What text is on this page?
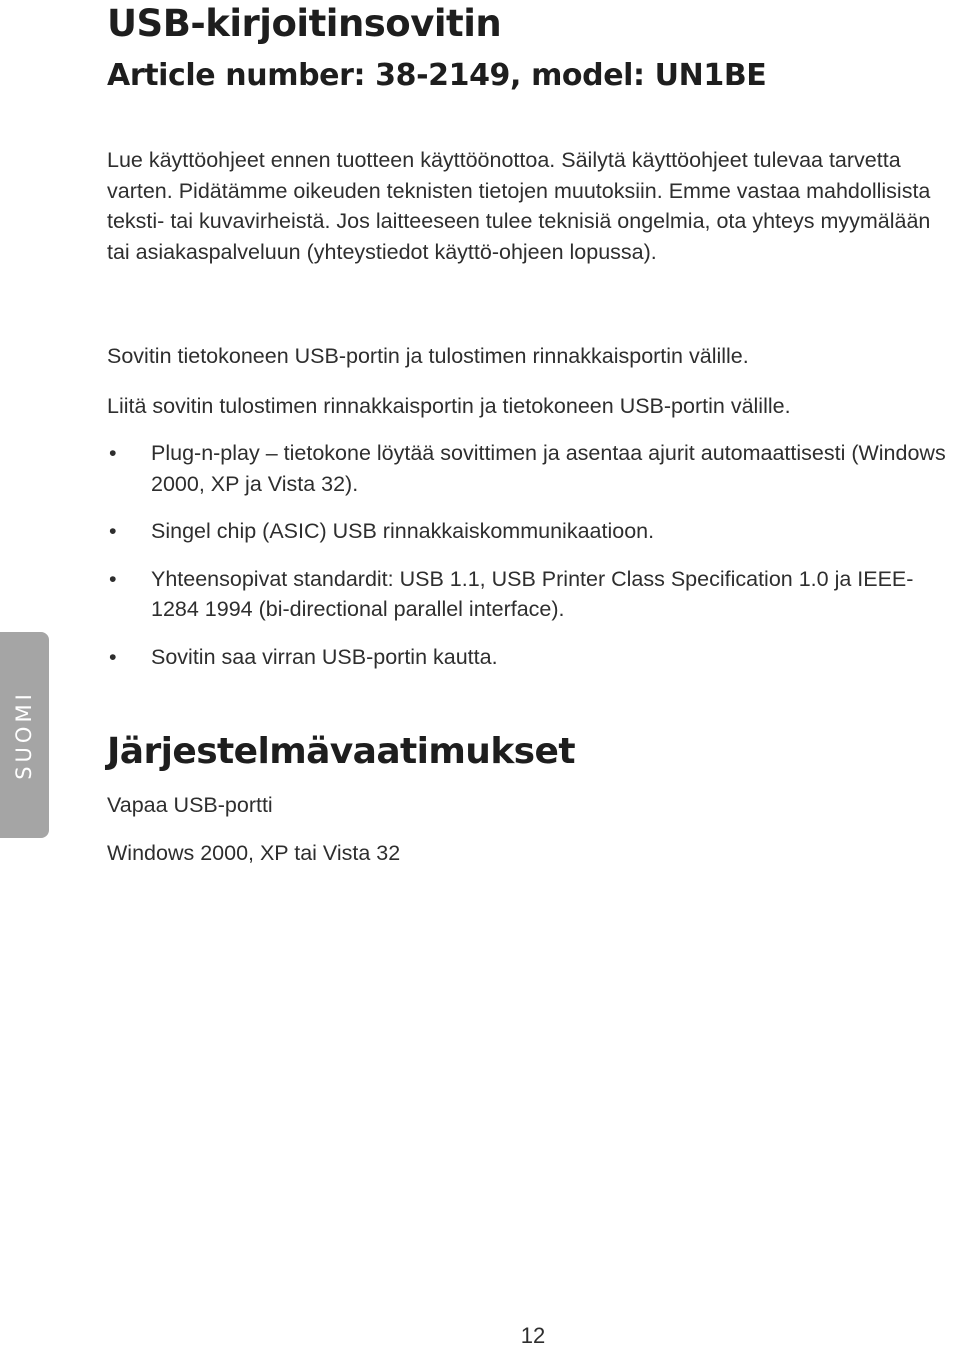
USB-kirjoitinsovitin
Article number: 38-2149, model: UN1BE

Lue käyttöohjeet ennen tuotteen käyttöönottoa. Säilytä käyttöohjeet tulevaa tarvetta varten. Pidätämme oikeuden teknisten tietojen muutoksiin. Emme vastaa mahdollisista teksti- tai kuvavirheistä. Jos laitteeseen tulee teknisiä ongelmia, ota yhteys myymälään tai asiakaspalveluun (yhteystiedot käyttö-ohjeen lopussa).

Sovitin tietokoneen USB-portin ja tulostimen rinnakkaisportin välille.

Liitä sovitin tulostimen rinnakkaisportin ja tietokoneen USB-portin välille.

• Plug-n-play – tietokone löytää sovittimen ja asentaa ajurit automaattisesti (Windows 2000, XP ja Vista 32).
• Singel chip (ASIC) USB rinnakkaiskommunikaatioon.
• Yhteensopivat standardit: USB 1.1, USB Printer Class Specification 1.0 ja IEEE-1284 1994 (bi-directional parallel interface).
• Sovitin saa virran USB-portin kautta.
Järjestelmävaatimukset

Vapaa USB-portti

Windows 2000, XP tai Vista 32

SUOMI
12
